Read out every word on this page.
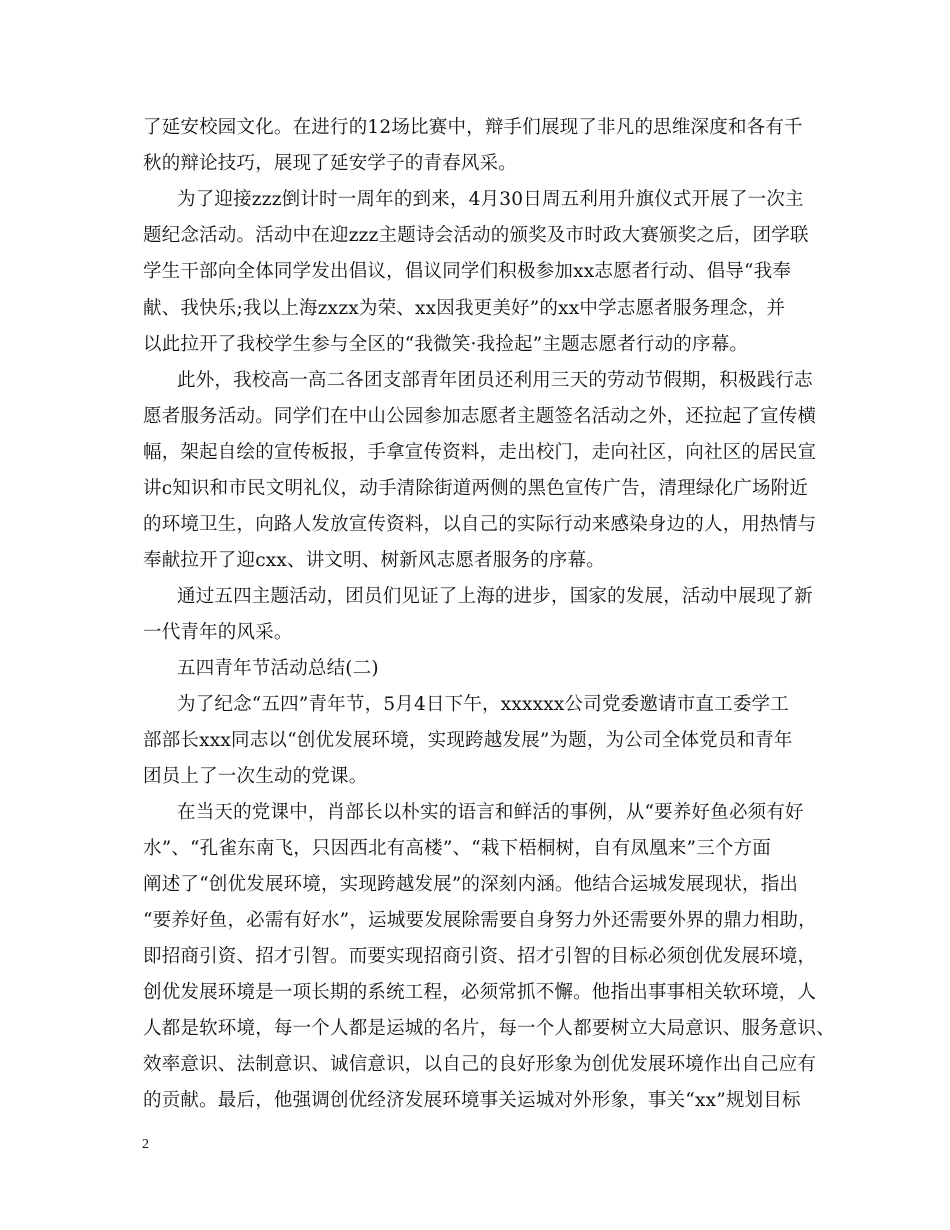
了延安校园文化。在进行的12场比赛中，辩手们展现了非凡的思维深度和各有千
秋的辩论技巧，展现了延安学子的青春风采。
为了迎接zzz倒计时一周年的到来，4月30日周五利用升旗仪式开展了一次主
题纪念活动。活动中在迎zzz主题诗会活动的颁奖及市时政大赛颁奖之后，团学联
学生干部向全体同学发出倡议，倡议同学们积极参加xx志愿者行动、倡导“我奉
献、我快乐;我以上海zxzx为荣、xx因我更美好”的xx中学志愿者服务理念，并
以此拉开了我校学生参与全区的“我微笑·我捡起”主题志愿者行动的序幕。
此外，我校高一高二各团支部青年团员还利用三天的劳动节假期，积极践行志
愿者服务活动。同学们在中山公园参加志愿者主题签名活动之外，还拉起了宣传横
幅，架起自绘的宣传板报，手拿宣传资料，走出校门，走向社区，向社区的居民宣
讲c知识和市民文明礼仪，动手清除街道两侧的黑色宣传广告，清理绿化广场附近
的环境卫生，向路人发放宣传资料，以自己的实际行动来感染身边的人，用热情与
奉献拉开了迎cxx、讲文明、树新风志愿者服务的序幕。
通过五四主题活动，团员们见证了上海的进步，国家的发展，活动中展现了新
一代青年的风采。
五四青年节活动总结(二)
为了纪念“五四”青年节，5月4日下午，xxxxxx公司党委邀请市直工委学工
部部长xxx同志以“创优发展环境，实现跨越发展”为题，为公司全体党员和青年
团员上了一次生动的党课。
在当天的党课中，肖部长以朴实的语言和鲜活的事例，从“要养好鱼必须有好
水”、“孔雀东南飞，只因西北有高楼”、“栽下梧桐树，自有凤凰来”三个方面
阐述了“创优发展环境，实现跨越发展”的深刻内涵。他结合运城发展现状，指出
“要养好鱼，必需有好水”，运城要发展除需要自身努力外还需要外界的鼎力相助，
即招商引资、招才引智。而要实现招商引资、招才引智的目标必须创优发展环境，
创优发展环境是一项长期的系统工程，必须常抓不懈。他指出事事相关软环境，人
人都是软环境，每一个人都是运城的名片，每一个人都要树立大局意识、服务意识、
效率意识、法制意识、诚信意识，以自己的良好形象为创优发展环境作出自己应有
的贡献。最后，他强调创优经济发展环境事关运城对外形象，事关“xx”规划目标
2
